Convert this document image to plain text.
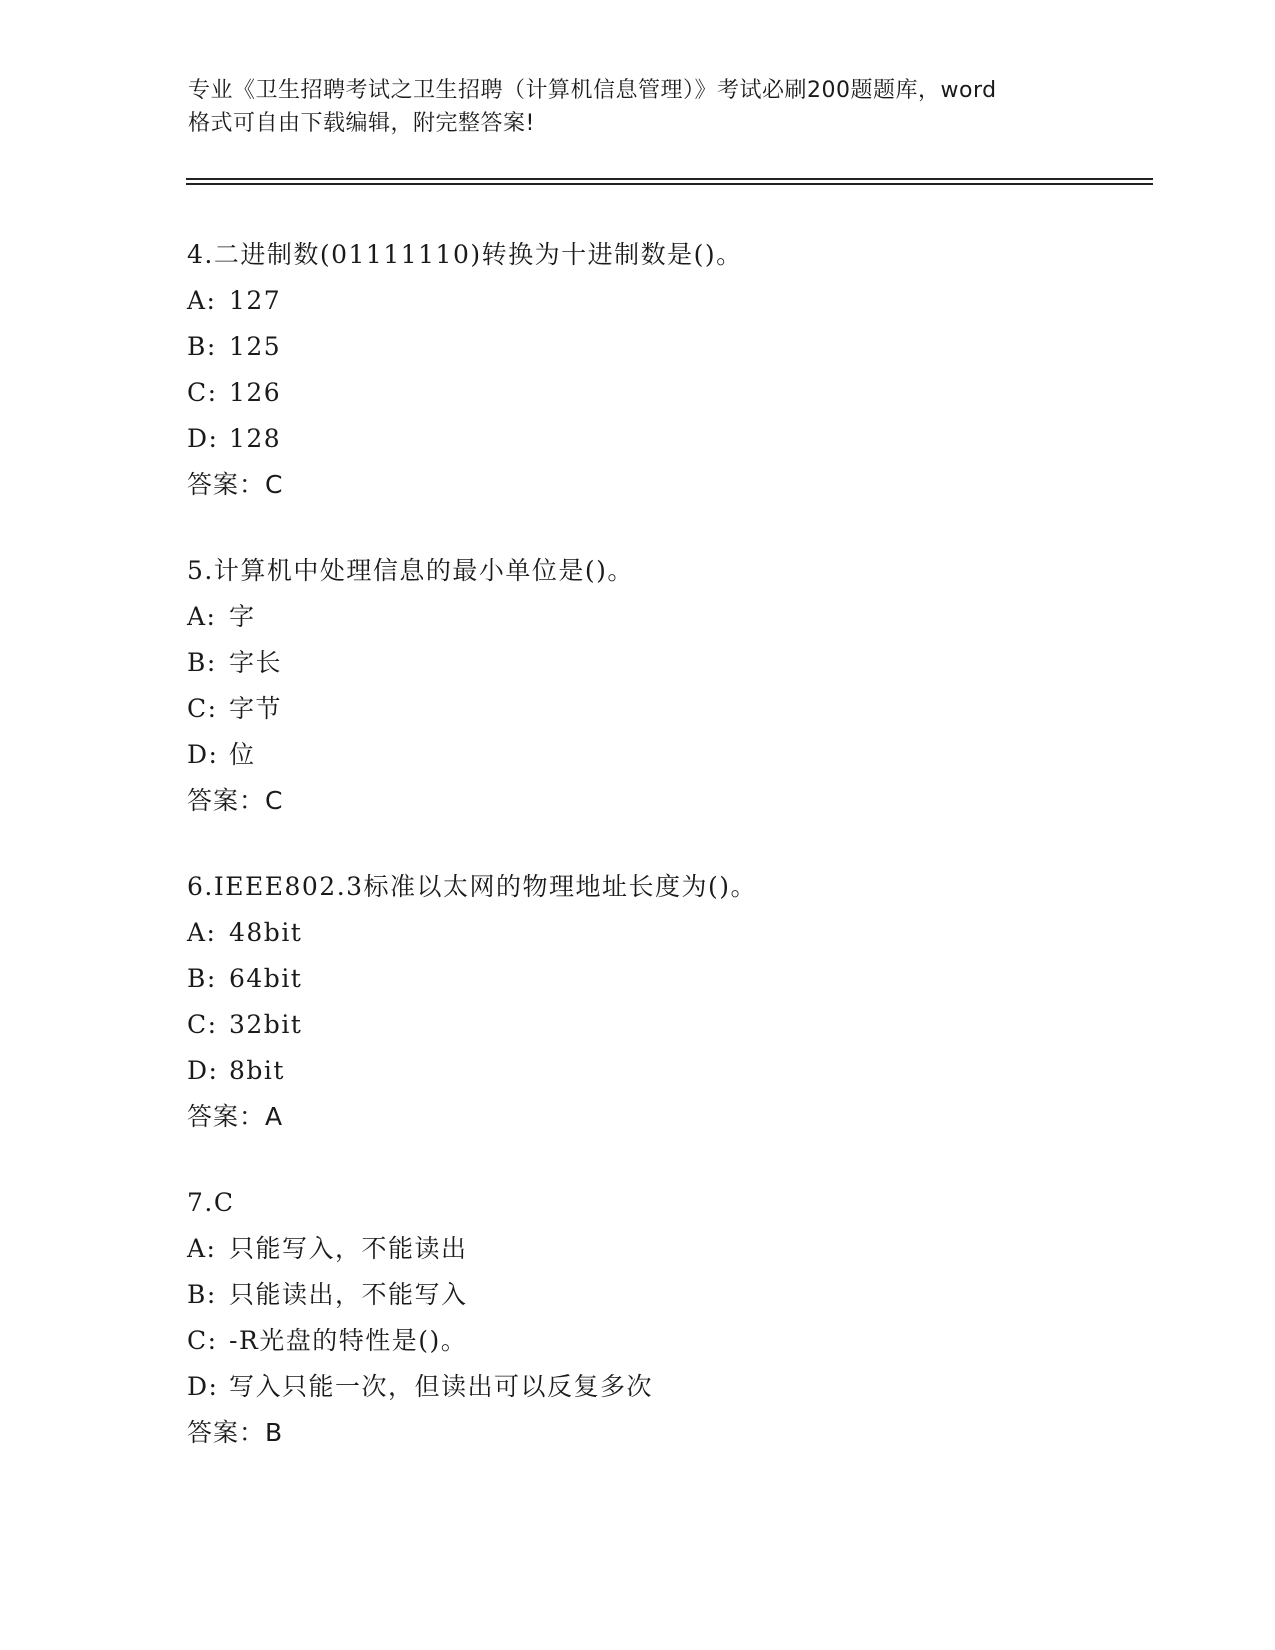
专业《卫生招聘考试之卫生招聘（计算机信息管理）》考试必刷200题题库，word
格式可自由下载编辑，附完整答案!
4.二进制数(01111110)转换为十进制数是()。
A: 127
B: 125
C: 126
D: 128
答案：C
5.计算机中处理信息的最小单位是()。
A: 字
B: 字长
C: 字节
D: 位
答案：C
6.IEEE802.3标准以太网的物理地址长度为()。
A: 48bit
B: 64bit
C: 32bit
D: 8bit
答案：A
7.C
A: 只能写入，不能读出
B: 只能读出，不能写入
C: -R光盘的特性是()。
D: 写入只能一次，但读出可以反复多次
答案：B
